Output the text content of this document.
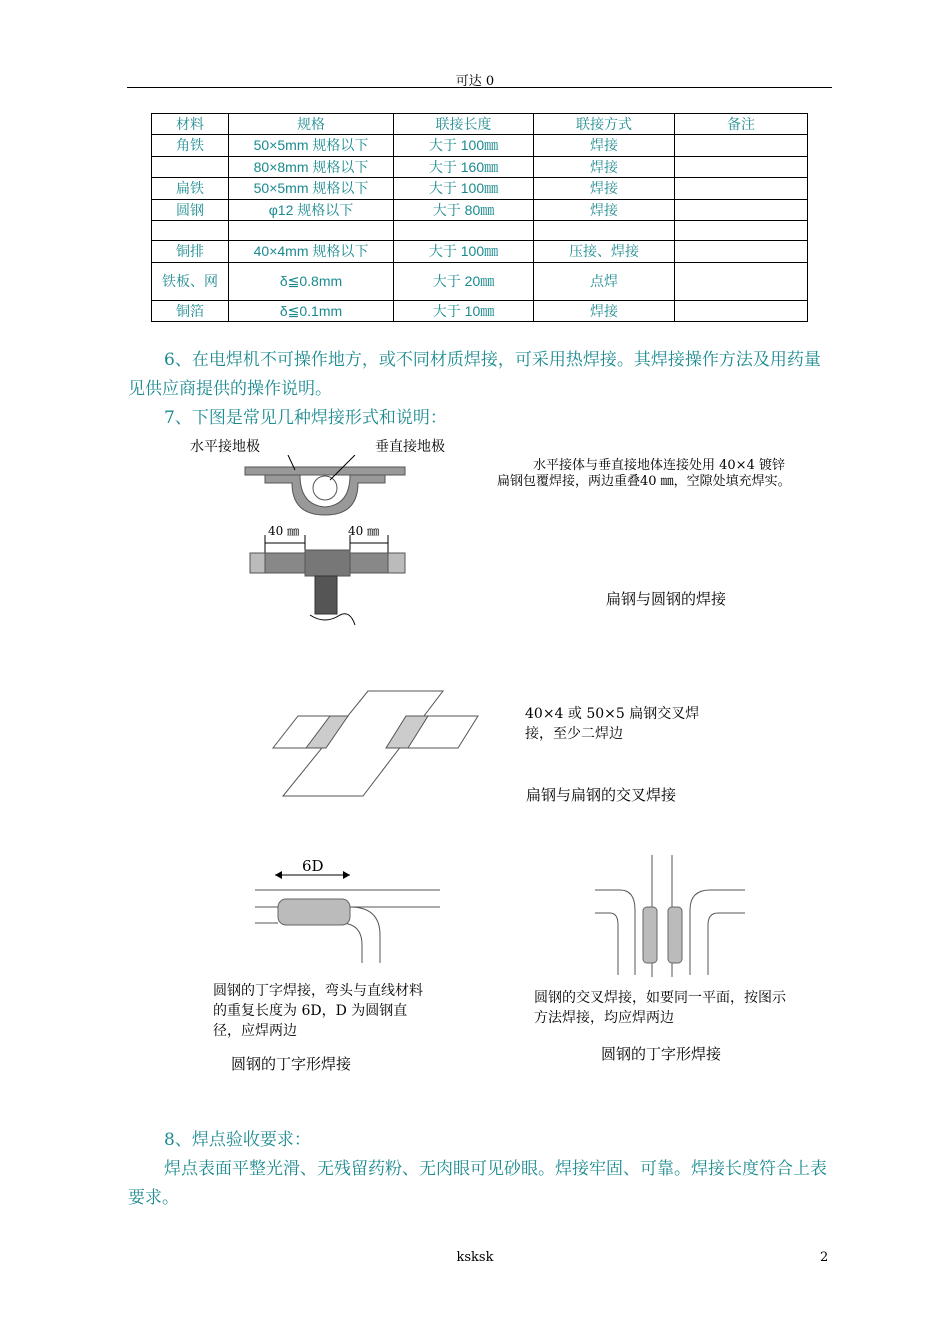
可达 0
材料	规格	联接长度	联接方式	备注
角铁	50×5mm 规格以下	大于 100㎜	焊接	
	80×8mm 规格以下	大于 160㎜	焊接	
扁铁	50×5mm 规格以下	大于 100㎜	焊接	
圆钢	φ12 规格以下	大于 80㎜	焊接	

铜排	40×4mm 规格以下	大于 100㎜	压接、焊接	
铁板、网	δ≦0.8mm	大于 20㎜	点焊	
铜箔	δ≦0.1mm	大于 10㎜	焊接	
6、在电焊机不可操作地方，或不同材质焊接，可采用热焊接。其焊接操作方法及用药量见供应商提供的操作说明。
7、下图是常见几种焊接形式和说明：
水平接地极	垂直接地极
40 ㎜	40 ㎜
水平接体与垂直接地体连接处用 40×4 镀锌扁钢包覆焊接，两边重叠40 ㎜，空隙处填充焊实。
扁钢与圆钢的焊接
40×4 或 50×5 扁钢交叉焊接，至少二焊边
扁钢与扁钢的交叉焊接
6D
圆钢的丁字焊接，弯头与直线材料的重复长度为 6D，D 为圆钢直径，应焊两边
圆钢的丁字形焊接
圆钢的交叉焊接，如要同一平面，按图示方法焊接，均应焊两边
圆钢的丁字形焊接
8、焊点验收要求：
焊点表面平整光滑、无残留药粉、无肉眼可见砂眼。焊接牢固、可靠。焊接长度符合上表要求。
ksksk	2
